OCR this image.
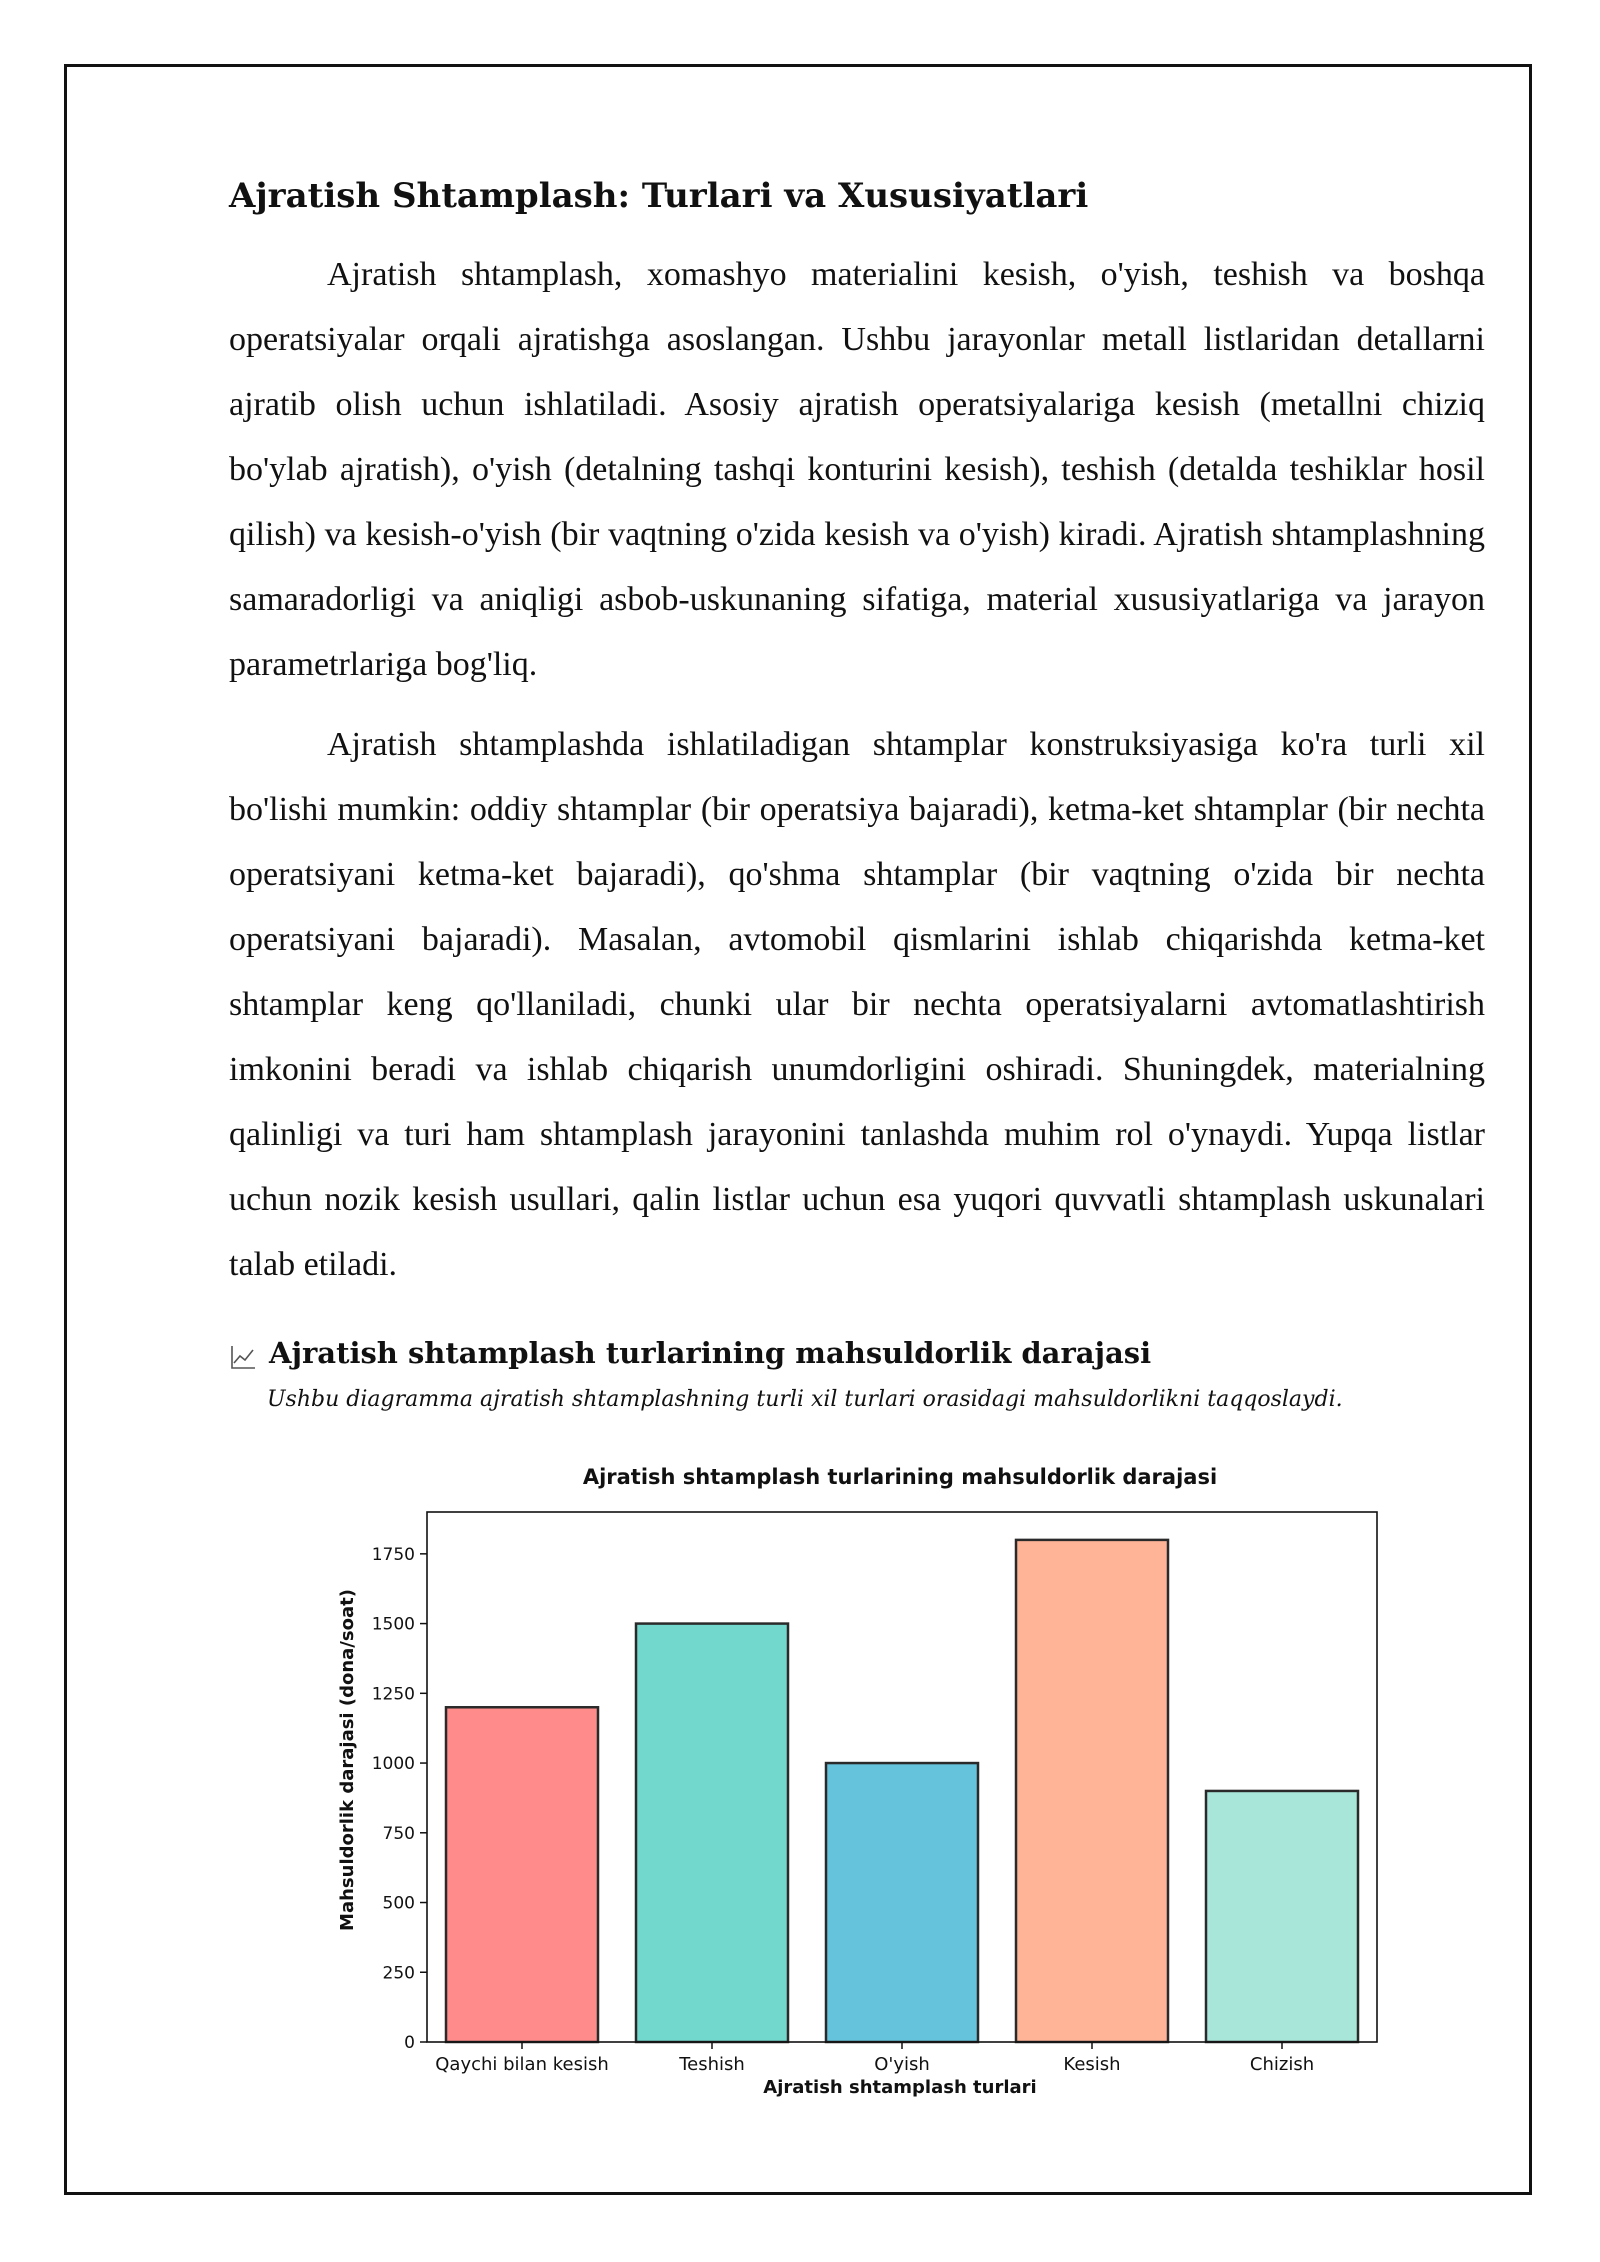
Ajratish Shtamplash: Turlari va Xususiyatlari

Ajratish shtamplash, xomashyo materialini kesish, o'yish, teshish va boshqa operatsiyalar orqali ajratishga asoslangan. Ushbu jarayonlar metall listlaridan detallarni ajratib olish uchun ishlatiladi. Asosiy ajratish operatsiyalariga kesish (metallni chiziq bo'ylab ajratish), o'yish (detalning tashqi konturini kesish), teshish (detalda teshiklar hosil qilish) va kesish-o'yish (bir vaqtning o'zida kesish va o'yish) kiradi. Ajratish shtamplashning samaradorligi va aniqligi asbob-uskunaning sifatiga, material xususiyatlariga va jarayon parametrlariga bog'liq.

Ajratish shtamplashda ishlatiladigan shtamplar konstruksiyasiga ko'ra turli xil bo'lishi mumkin: oddiy shtamplar (bir operatsiya bajaradi), ketma-ket shtamplar (bir nechta operatsiyani ketma-ket bajaradi), qo'shma shtamplar (bir vaqtning o'zida bir nechta operatsiyani bajaradi). Masalan, avtomobil qismlarini ishlab chiqarishda ketma-ket shtamplar keng qo'llaniladi, chunki ular bir nechta operatsiyalarni avtomatlashtirish imkonini beradi va ishlab chiqarish unumdorligini oshiradi. Shuningdek, materialning qalinligi va turi ham shtamplash jarayonini tanlashda muhim rol o'ynaydi. Yupqa listlar uchun nozik kesish usullari, qalin listlar uchun esa yuqori quvvatli shtamplash uskunalari talab etiladi.

Ajratish shtamplash turlarining mahsuldorlik darajasi
Ushbu diagramma ajratish shtamplashning turli xil turlari orasidagi mahsuldorlikni taqqoslaydi.
Ajratish shtamplash turlarining mahsuldorlik darajasi
Ajratish shtamplash turlari
Mahsuldorlik darajasi (dona/soat)
0
250
500
750
1000
1250
1500
1750
Qaychi bilan kesish	Teshish	O'yish	Kesish	Chizish
